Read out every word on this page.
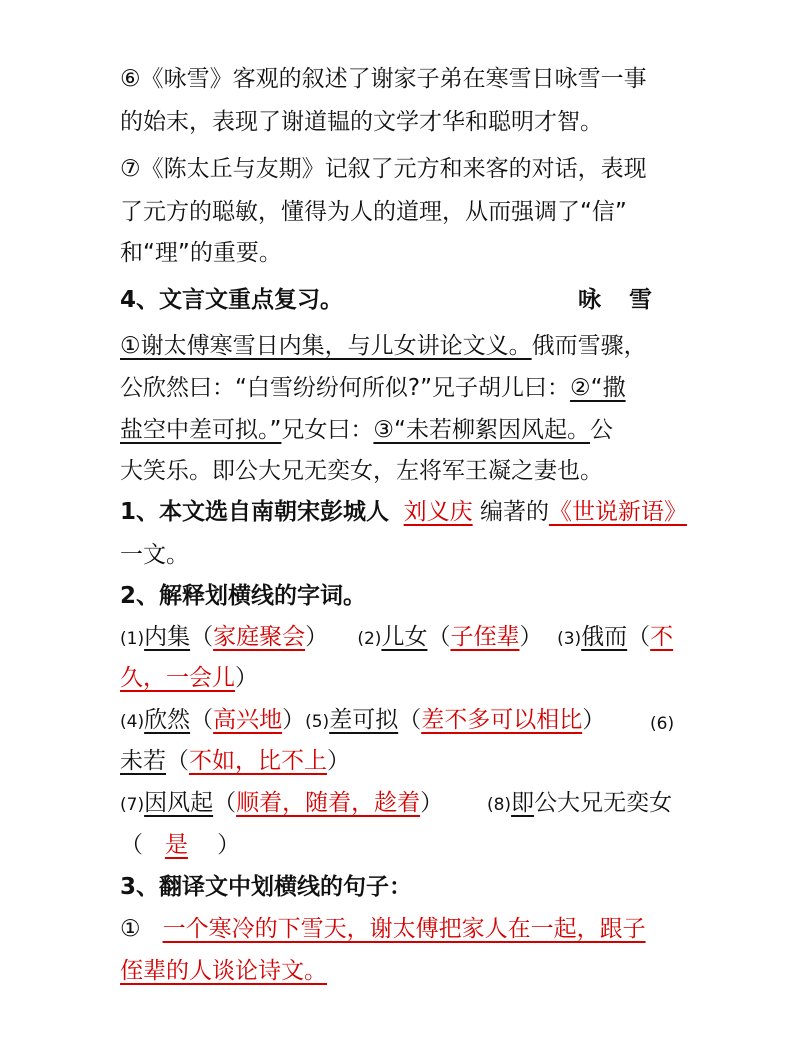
⑥《咏雪》客观的叙述了谢家子弟在寒雪日咏雪一事
的始末，表现了谢道韫的文学才华和聪明才智。
⑦《陈太丘与友期》记叙了元方和来客的对话，表现
了元方的聪敏，懂得为人的道理，从而强调了“信”
和“理”的重要。
4、文言文重点复习。	咏 雪
①谢太傅寒雪日内集，与儿女讲论文义。俄而雪骤，
公欣然曰：“白雪纷纷何所似?”兄子胡儿曰：②“撒
盐空中差可拟。”兄女曰：③“未若柳絮因风起。公
大笑乐。即公大兄无奕女，左将军王凝之妻也。
1、本文选自南朝宋彭城人 刘义庆 编著的《世说新语》
一文。
2、解释划横线的字词。
(1)内集（家庭聚会）    (2)儿女（子侄辈）  (3)俄而（不
久，一会儿）
(4)欣然（高兴地）(5)差可拟（差不多可以相比）	(6)
未若（不如，比不上）
(7)因风起（顺着，随着，趁着）      (8)即公大兄无奕女
（   是    ）
3、翻译文中划横线的句子：
① 一个寒冷的下雪天，谢太傅把家人在一起，跟子
侄辈的人谈论诗文。
